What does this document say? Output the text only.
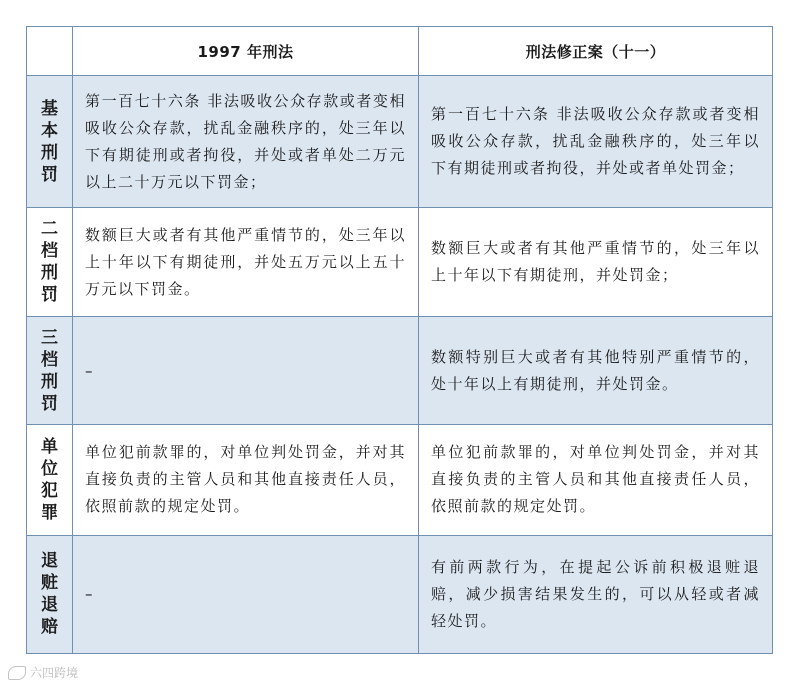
	1997 年刑法	刑法修正案（十一）
基本刑罚	第一百七十六条 非法吸收公众存款或者变相吸收公众存款，扰乱金融秩序的，处三年以下有期徒刑或者拘役，并处或者单处二万元以上二十万元以下罚金；	第一百七十六条 非法吸收公众存款或者变相吸收公众存款，扰乱金融秩序的，处三年以下有期徒刑或者拘役，并处或者单处罚金；
二档刑罚	数额巨大或者有其他严重情节的，处三年以上十年以下有期徒刑，并处五万元以上五十万元以下罚金。	数额巨大或者有其他严重情节的，处三年以上十年以下有期徒刑，并处罚金；
三档刑罚	–	数额特别巨大或者有其他特别严重情节的，处十年以上有期徒刑，并处罚金。
单位犯罪	单位犯前款罪的，对单位判处罚金，并对其直接负责的主管人员和其他直接责任人员，依照前款的规定处罚。	单位犯前款罪的，对单位判处罚金，并对其直接负责的主管人员和其他直接责任人员，依照前款的规定处罚。
退赃退赔	–	有前两款行为，在提起公诉前积极退赃退赔，减少损害结果发生的，可以从轻或者减轻处罚。
六四跨境
